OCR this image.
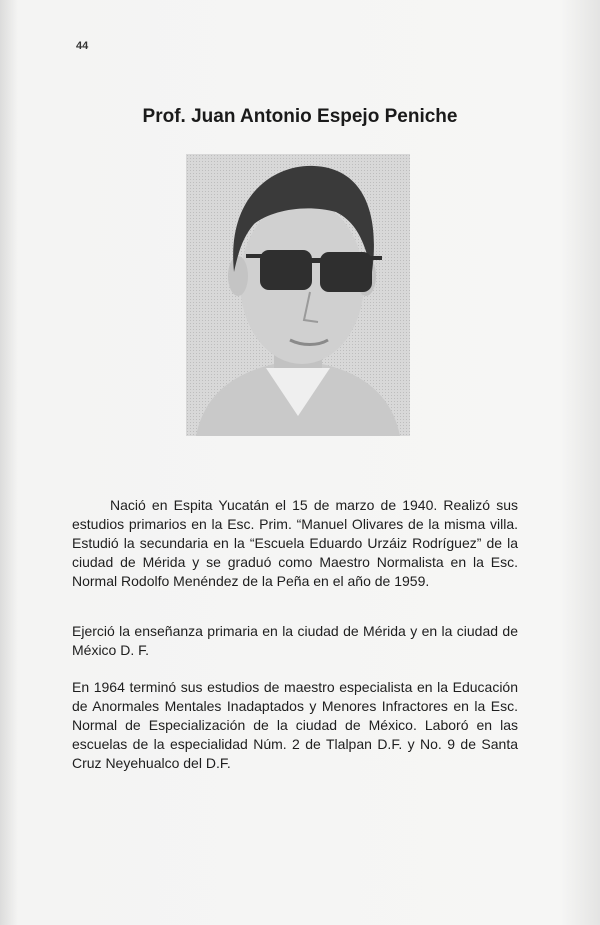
44
Prof. Juan Antonio Espejo Peniche
Nació en Espita Yucatán el 15 de marzo de 1940. Realizó sus estudios primarios en la Esc. Prim. “Manuel Olivares de la misma villa. Estudió la secundaria en la “Escuela Eduardo Urzáiz Rodríguez” de la ciudad de Mérida y se graduó como Maestro Normalista en la Esc. Normal Rodolfo Menéndez de la Peña en el año de 1959.
Ejerció la enseñanza primaria en la ciudad de Mérida y en la ciudad de México D. F.
En 1964 terminó sus estudios de maestro especialista en la Educación de Anormales Mentales Inadaptados y Menores Infractores en la Esc. Normal de Especialización de la ciudad de México. Laboró en las escuelas de la especialidad Núm. 2 de Tlalpan D.F. y No. 9 de Santa Cruz Neyehualco del D.F.
